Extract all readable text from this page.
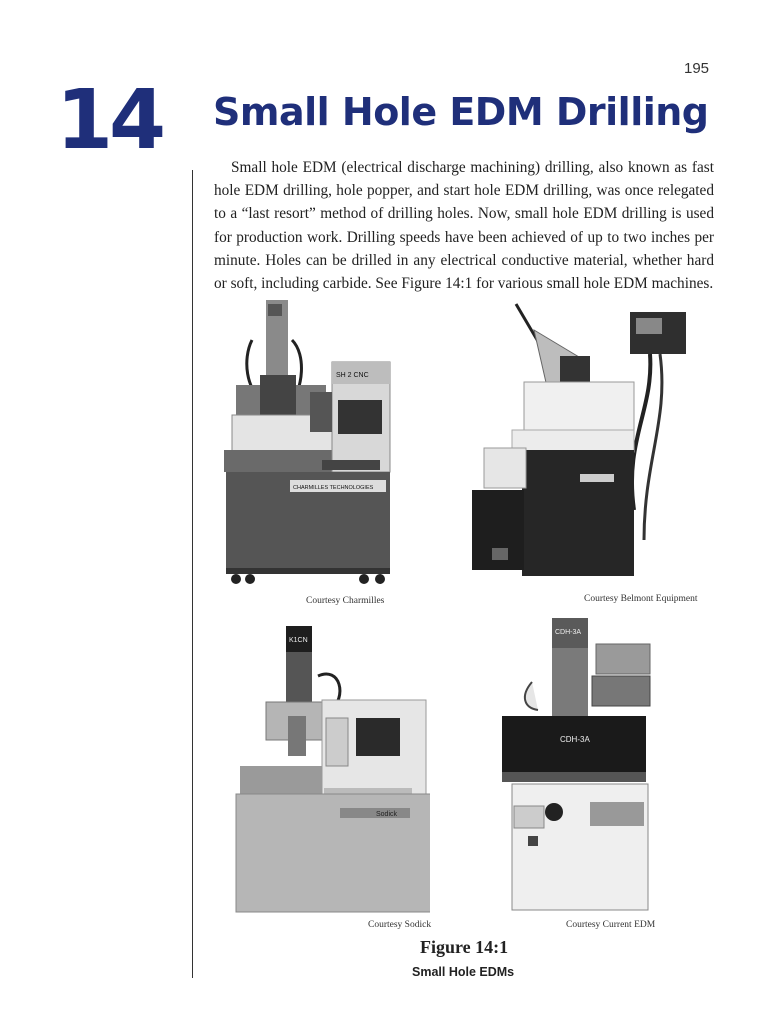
195
14 Small Hole EDM Drilling

Small hole EDM (electrical discharge machining) drilling, also known as fast hole EDM drilling, hole popper, and start hole EDM drilling, was once relegated to a “last resort” method of drilling holes. Now, small hole EDM drilling is used for production work. Drilling speeds have been achieved of up to two inches per minute. Holes can be drilled in any electrical conductive material, whether hard or soft, including carbide. See Figure 14:1 for various small hole EDM machines.

SH 2 CNC
CHARMILLES TECHNOLOGIES
Courtesy Charmilles	Courtesy Belmont Equipment
K1CN
Sodick
Courtesy Sodick
CDH-3A
CDH-3A
Courtesy Current EDM
Figure 14:1
Small Hole EDMs
